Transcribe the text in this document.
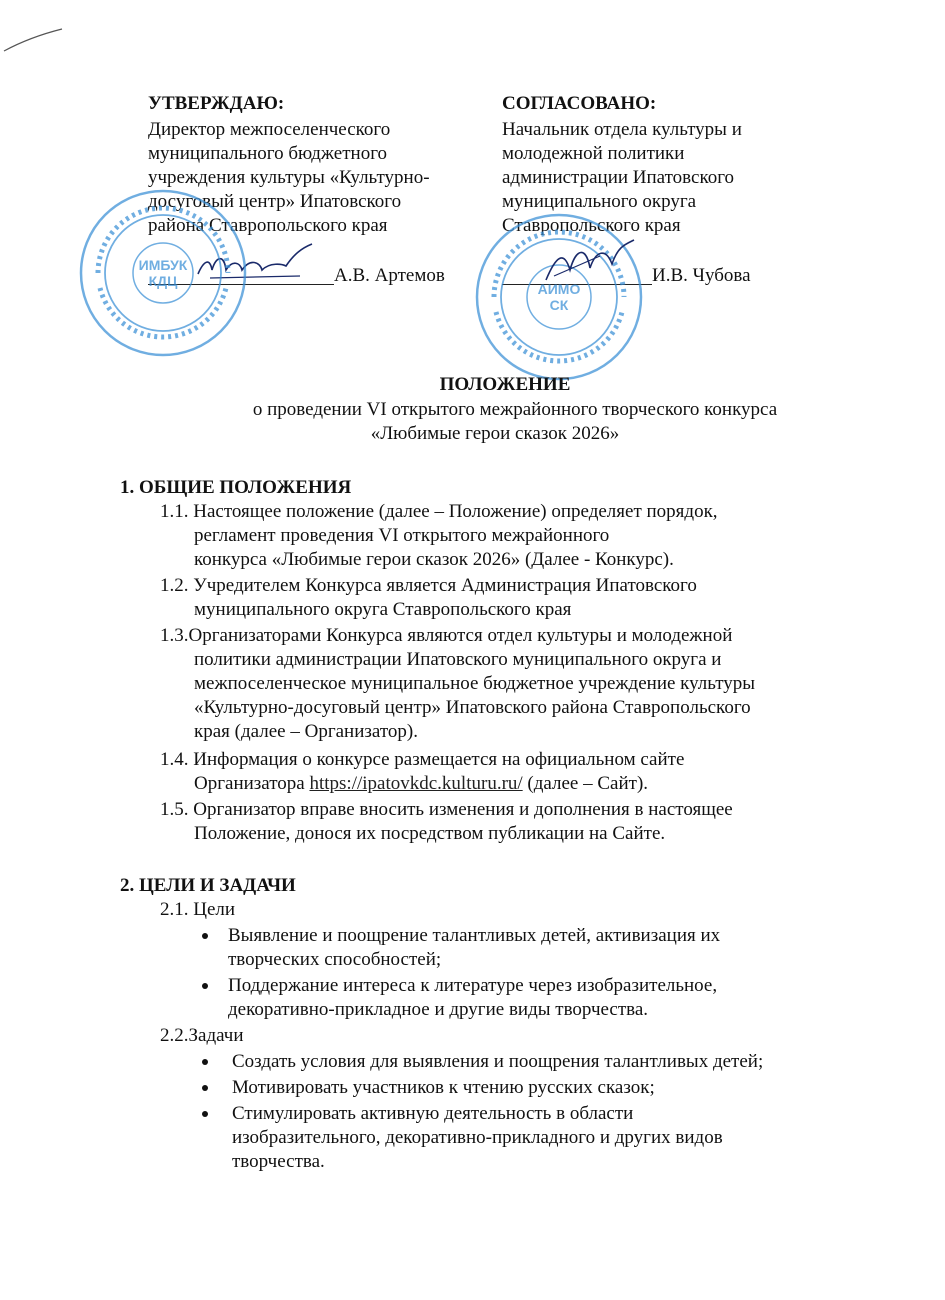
УТВЕРЖДАЮ:
Директор межпоселенческого
муниципального бюджетного
учреждения культуры «Культурно-
досуговый центр» Ипатовского
района Ставропольского края
А.В. Артемов
ИМБУК
КДЦ
СОГЛАСОВАНО:
Начальник отдела культуры и
молодежной политики
администрации Ипатовского
муниципального округа
Ставропольского края
И.В. Чубова
АИМО
СК
ПОЛОЖЕНИЕ
о проведении VI открытого межрайонного творческого конкурса
«Любимые герои сказок 2026»
1. ОБЩИЕ ПОЛОЖЕНИЯ
1.1. Настоящее положение (далее – Положение) определяет порядок,
регламент проведения VI открытого межрайонного
конкурса «Любимые герои сказок 2026» (Далее - Конкурс).
1.2. Учредителем Конкурса является Администрация Ипатовского
муниципального округа Ставропольского края
1.3.Организаторами Конкурса являются отдел культуры и молодежной
политики администрации Ипатовского муниципального округа и
межпоселенческое муниципальное бюджетное учреждение культуры
«Культурно-досуговый центр» Ипатовского района Ставропольского
края (далее – Организатор).
1.4. Информация о конкурсе размещается на официальном сайте
Организатора https://ipatovkdc.kulturu.ru/ (далее – Сайт).
1.5. Организатор вправе вносить изменения и дополнения в настоящее
Положение, донося их посредством публикации на Сайте.
2. ЦЕЛИ И ЗАДАЧИ
2.1. Цели
Выявление и поощрение талантливых детей, активизация их
творческих способностей;
Поддержание интереса к литературе через изобразительное,
декоративно-прикладное и другие виды творчества.
2.2.Задачи
Создать условия для выявления и поощрения талантливых детей;
Мотивировать участников к чтению русских сказок;
Стимулировать активную деятельность в области
изобразительного, декоративно-прикладного и других видов
творчества.
